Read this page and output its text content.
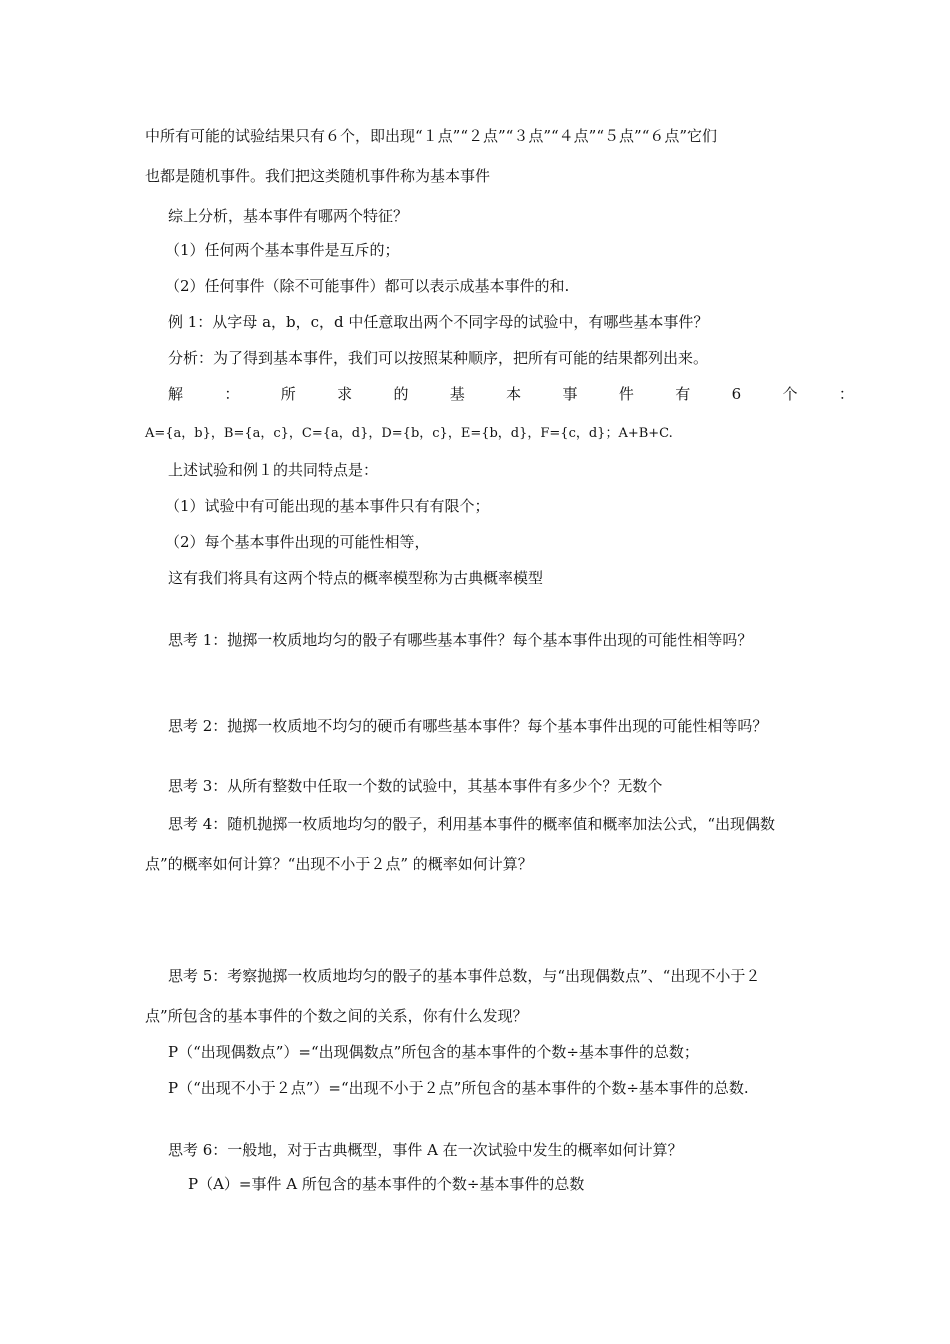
中所有可能的试验结果只有６个，即出现“１点”“２点”“３点”“４点”“５点”“６点”它们
也都是随机事件。我们把这类随机事件称为基本事件
综上分析，基本事件有哪两个特征？
（1）任何两个基本事件是互斥的；
（2）任何事件（除不可能事件）都可以表示成基本事件的和.
例 1：从字母 a，b，c，d 中任意取出两个不同字母的试验中，有哪些基本事件？
分析：为了得到基本事件，我们可以按照某种顺序，把所有可能的结果都列出来。
解	：	所	求	的	基	本	事	件	有	6	个	：
A={a，b}，B={a，c}，C={a，d}，D={b，c}，E={b，d}，F={c，d}；A+B+C.
上述试验和例１的共同特点是：
（1）试验中有可能出现的基本事件只有有限个；
（2）每个基本事件出现的可能性相等，
这有我们将具有这两个特点的概率模型称为古典概率模型
思考 1：抛掷一枚质地均匀的骰子有哪些基本事件？每个基本事件出现的可能性相等吗？
思考 2：抛掷一枚质地不均匀的硬币有哪些基本事件？每个基本事件出现的可能性相等吗？
思考 3：从所有整数中任取一个数的试验中，其基本事件有多少个？无数个
思考 4：随机抛掷一枚质地均匀的骰子，利用基本事件的概率值和概率加法公式，“出现偶数
点”的概率如何计算？“出现不小于２点” 的概率如何计算？
思考 5：考察抛掷一枚质地均匀的骰子的基本事件总数，与“出现偶数点”、“出现不小于２
点”所包含的基本事件的个数之间的关系，你有什么发现？
P（“出现偶数点”）=“出现偶数点”所包含的基本事件的个数÷基本事件的总数；
P（“出现不小于２点”）=“出现不小于２点”所包含的基本事件的个数÷基本事件的总数.
思考 6：一般地，对于古典概型，事件 A 在一次试验中发生的概率如何计算？
P（A）=事件 A 所包含的基本事件的个数÷基本事件的总数
